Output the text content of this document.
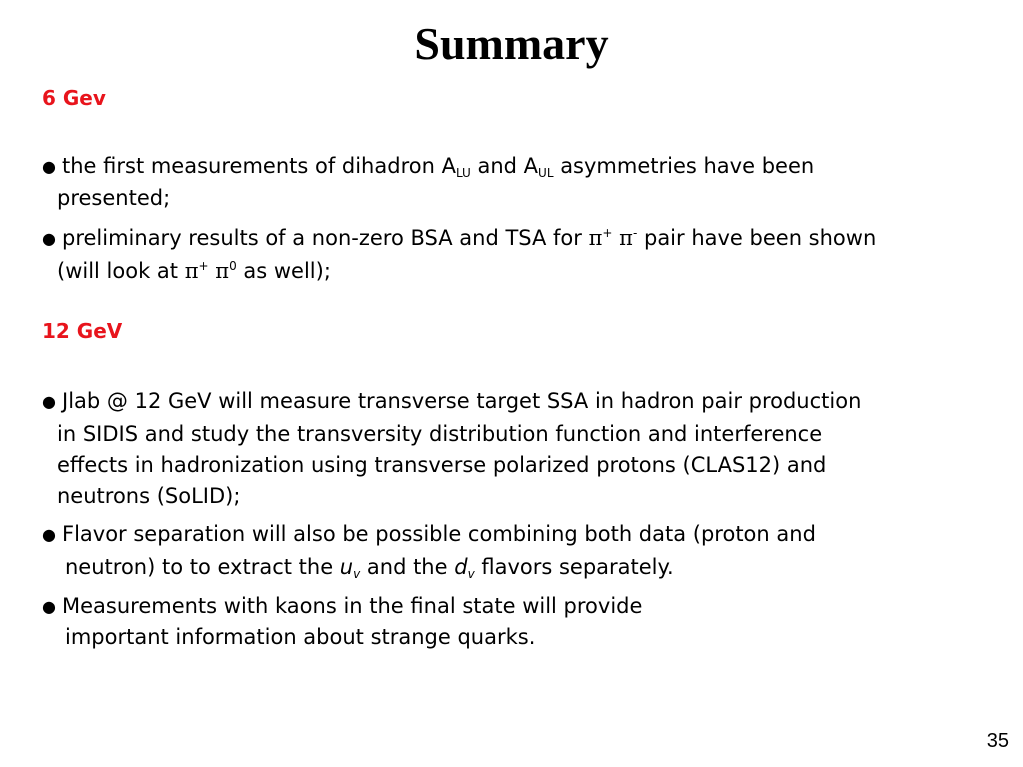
Summary
6 Gev
● the first measurements of dihadron $A_{LU}$ and $A_{UL}$ asymmetries have been
presented;
● preliminary results of a non-zero BSA and TSA for π+ π- pair have been shown
(will look at π+ $\pi^0$ as well);
12 GeV
● Jlab @ 12 GeV will measure transverse target SSA in hadron pair production
in SIDIS and study the transversity distribution function and interference
effects in hadronization using transverse polarized protons (CLAS12) and
neutrons (SoLID);
● Flavor separation will also be possible combining both data (proton and
neutron) to to extract the $u_v$ and the $d_v$ flavors separately.
● Measurements with kaons in the final state will provide
important information about strange quarks.
35
